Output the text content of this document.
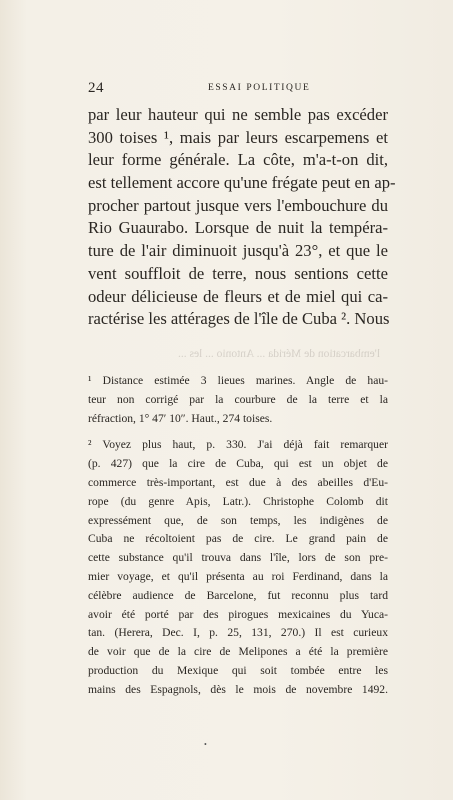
24	ESSAI POLITIQUE
par leur hauteur qui ne semble pas excéder
300 toises ¹, mais par leurs escarpemens et
leur forme générale. La côte, m'a-t-on dit,
est tellement accore qu'une frégate peut en ap-
procher partout jusque vers l'embouchure du
Rio Guaurabo. Lorsque de nuit la tempéra-
ture de l'air diminuoit jusqu'à 23°, et que le
vent souffloit de terre, nous sentions cette
odeur délicieuse de fleurs et de miel qui ca-
ractérise les attérages de l'île de Cuba ². Nous
l'embarcation de Mérida ... Antonio ... les ...
¹ Distance estimée 3 lieues marines. Angle de hau-
teur non corrigé par la courbure de la terre et la
réfraction, 1° 47′ 10″. Haut., 274 toises.
² Voyez plus haut, p. 330. J'ai déjà fait remarquer
(p. 427) que la cire de Cuba, qui est un objet de
commerce très-important, est due à des abeilles d'Eu-
rope (du genre Apis, Latr.). Christophe Colomb dit
expressément que, de son temps, les indigènes de
Cuba ne récoltoient pas de cire. Le grand pain de
cette substance qu'il trouva dans l'île, lors de son pre-
mier voyage, et qu'il présenta au roi Ferdinand, dans la
célèbre audience de Barcelone, fut reconnu plus tard
avoir été porté par des pirogues mexicaines du Yuca-
tan. (Herera, Dec. I, p. 25, 131, 270.) Il est curieux
de voir que de la cire de Melipones a été la première
production du Mexique qui soit tombée entre les
mains des Espagnols, dès le mois de novembre 1492.
•
